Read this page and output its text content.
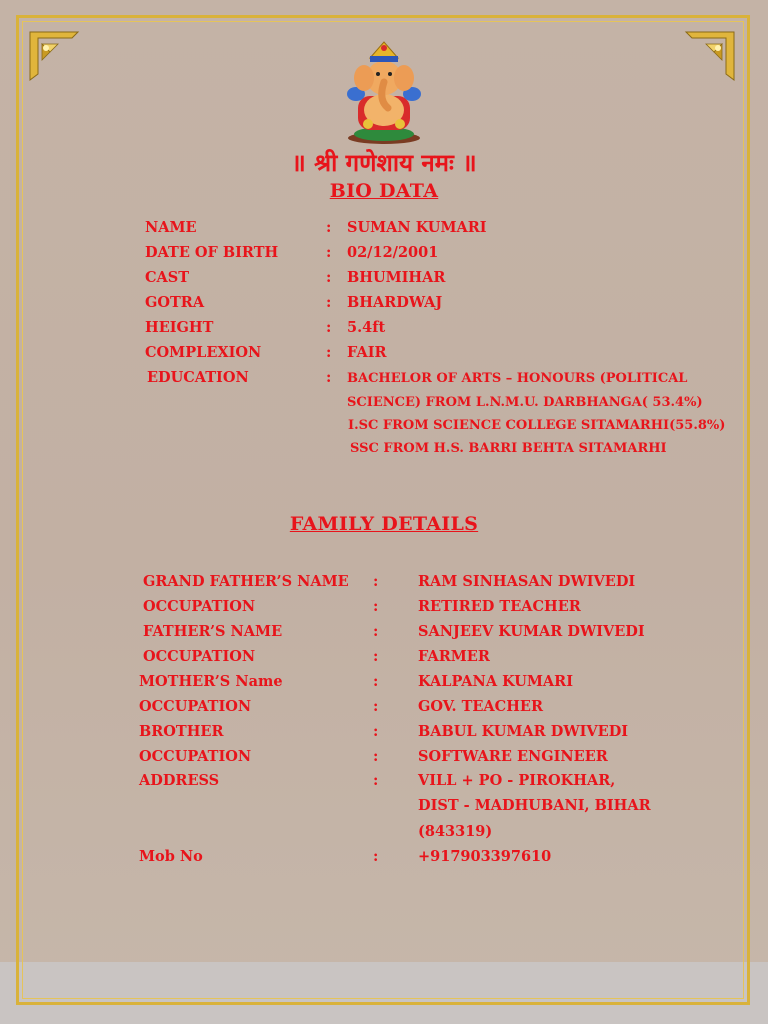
॥ श्री गणेशाय नमः ॥
BIO DATA
NAME	: SUMAN KUMARI
DATE OF BIRTH	: 02/12/2001
CAST	: BHUMIHAR
GOTRA	: BHARDWAJ
HEIGHT	: 5.4ft
COMPLEXION	: FAIR
EDUCATION	: BACHELOR OF ARTS – HONOURS (POLITICAL
SCIENCE) FROM L.N.M.U. DARBHANGA( 53.4%)
I.SC FROM SCIENCE COLLEGE SITAMARHI(55.8%)
SSC FROM H.S. BARRI BEHTA SITAMARHI
FAMILY DETAILS
GRAND FATHER’S NAME :	RAM SINHASAN DWIVEDI
OCCUPATION	:	RETIRED TEACHER
FATHER’S NAME	:	SANJEEV KUMAR DWIVEDI
OCCUPATION	:	FARMER
MOTHER’S Name	:	KALPANA KUMARI
OCCUPATION	:	GOV. TEACHER
BROTHER	:	BABUL KUMAR DWIVEDI
OCCUPATION	:	SOFTWARE ENGINEER
ADDRESS	:	VILL + PO - PIROKHAR,
DIST - MADHUBANI, BIHAR
(843319)
Mob No	:	+917903397610
